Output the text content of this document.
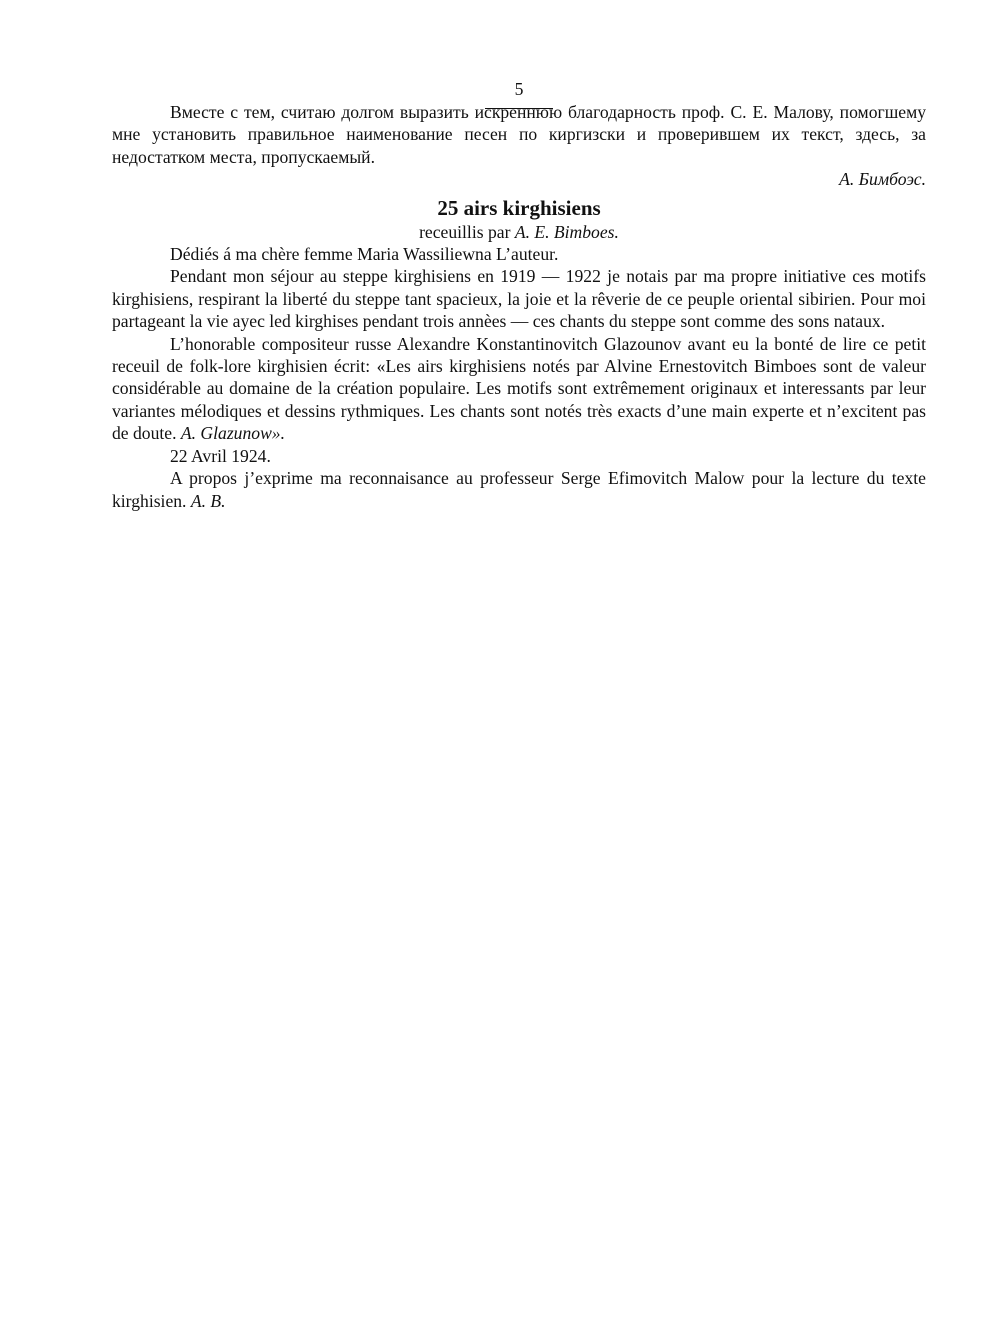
5

Вместе с тем, считаю долгом выразить искреннюю благодарность проф. С. Е. Малову, помогшему мне установить правильное наименование песен по киргизски и проверившем их текст, здесь, за недостатком места, пропускаемый.

А. Бимбоэс.

25 airs kirghisiens

receuillis par A. E. Bimboes.

Dédiés á ma chère femme Maria Wassiliewna L’auteur.

Pendant mon séjour au steppe kirghisiens en 1919 — 1922 je notais par ma propre initiative ces motifs kirghisiens, respirant la liberté du steppe tant spacieux, la joie et la rêverie de ce peuple oriental sibirien. Pour moi partageant la vie ayec led kirghises pendant trois annèes — ces chants du steppe sont comme des sons nataux.

L’honorable compositeur russe Alexandre Konstantinovitch Glazounov avant eu la bonté de lire ce petit receuil de folk-lore kirghisien écrit: «Les airs kirghisiens notés par Alvine Ernestovitch Bimboes sont de valeur considérable au domaine de la création populaire. Les motifs sont extrêmement originaux et interessants par leur variantes mélodiques et dessins rythmiques. Les chants sont notés très exacts d’une main experte et n’excitent pas de doute. A. Glazunow».

22 Avril 1924.

A propos j’exprime ma reconnaisance au professeur Serge Efimovitch Malow pour la lecture du texte kirghisien. A. B.
